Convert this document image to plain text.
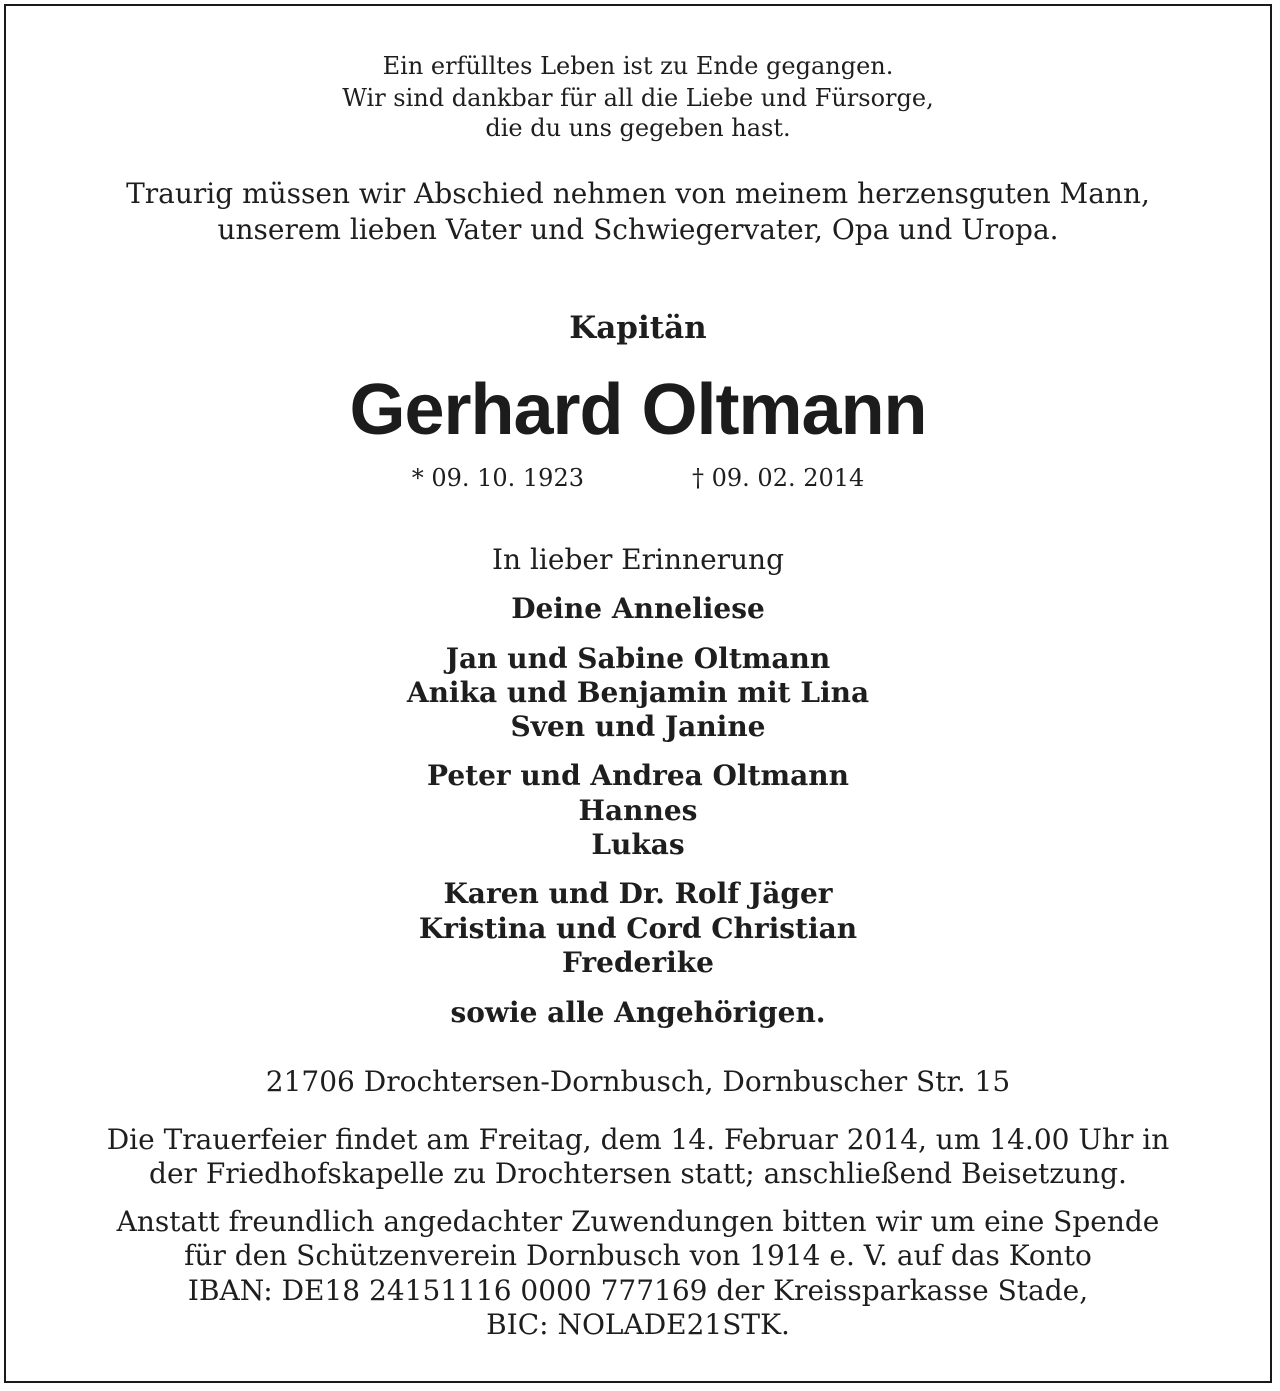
Ein erfülltes Leben ist zu Ende gegangen.
Wir sind dankbar für all die Liebe und Fürsorge,
die du uns gegeben hast.
Traurig müssen wir Abschied nehmen von meinem herzensguten Mann,
unserem lieben Vater und Schwiegervater, Opa und Uropa.
Kapitän
Gerhard Oltmann
* 09. 10. 1923	† 09. 02. 2014
In lieber Erinnerung
Deine Anneliese
Jan und Sabine Oltmann
Anika und Benjamin mit Lina
Sven und Janine
Peter und Andrea Oltmann
Hannes
Lukas
Karen und Dr. Rolf Jäger
Kristina und Cord Christian
Frederike
sowie alle Angehörigen.
21706 Drochtersen-Dornbusch, Dornbuscher Str. 15
Die Trauerfeier findet am Freitag, dem 14. Februar 2014, um 14.00 Uhr in
der Friedhofskapelle zu Drochtersen statt; anschließend Beisetzung.
Anstatt freundlich angedachter Zuwendungen bitten wir um eine Spende
für den Schützenverein Dornbusch von 1914 e. V. auf das Konto
IBAN: DE18 24151116 0000 777169 der Kreissparkasse Stade,
BIC: NOLADE21STK.
